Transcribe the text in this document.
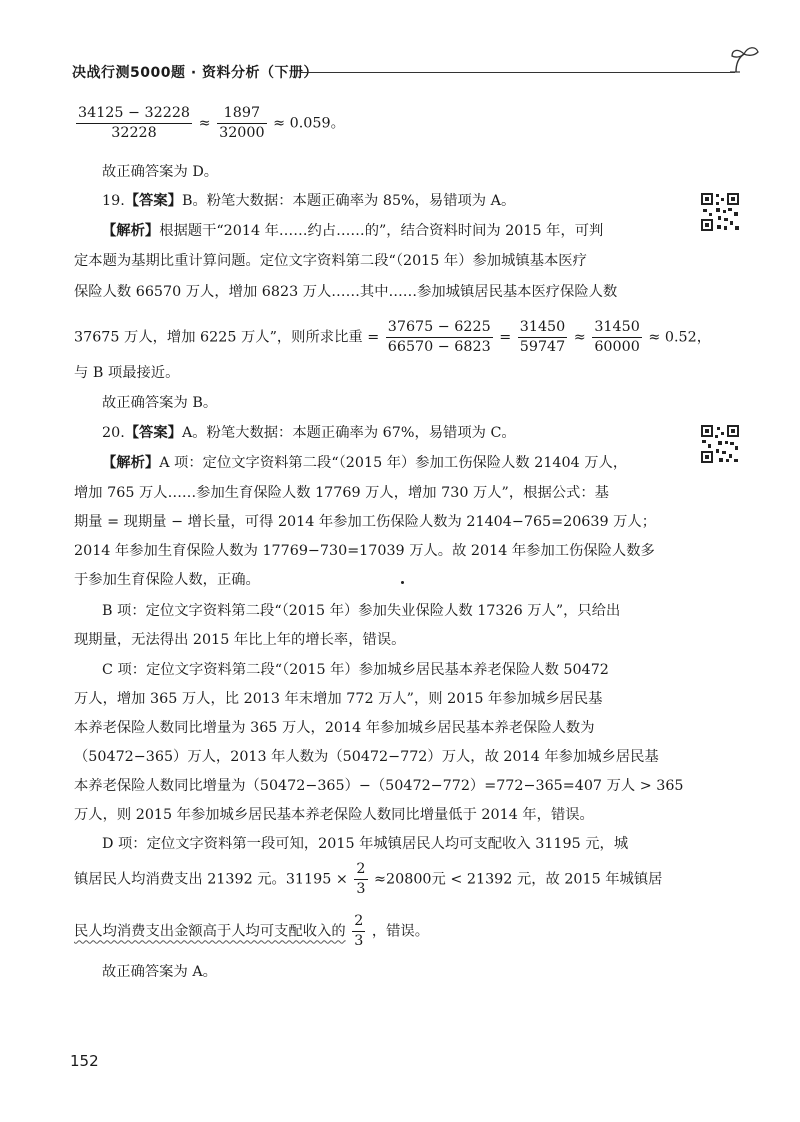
决战行测5000题 · 资料分析（下册）
$\frac{34125 - 32228}{32228} \approx \frac{1897}{32000} \approx 0.059$。
故正确答案为 D。
19.【答案】B。粉笔大数据：本题正确率为 85%，易错项为 A。
【解析】根据题干“2014 年……约占……的”，结合资料时间为 2015 年，可判
定本题为基期比重计算问题。定位文字资料第二段“（2015 年）参加城镇基本医疗
保险人数 66570 万人，增加 6823 万人……其中……参加城镇居民基本医疗保险人数
37675 万人，增加 6225 万人”，则所求比重 = $\frac{37675 - 6225}{66570 - 6823} = \frac{31450}{59747} \approx \frac{31450}{60000} \approx 0.52$，
与 B 项最接近。
故正确答案为 B。
20.【答案】A。粉笔大数据：本题正确率为 67%，易错项为 C。
【解析】A 项：定位文字资料第二段“（2015 年）参加工伤保险人数 21404 万人，
增加 765 万人……参加生育保险人数 17769 万人，增加 730 万人”，根据公式：基
期量 = 现期量 − 增长量，可得 2014 年参加工伤保险人数为 21404−765=20639 万人；
2014 年参加生育保险人数为 17769−730=17039 万人。故 2014 年参加工伤保险人数多
于参加生育保险人数，正确。
B 项：定位文字资料第二段“（2015 年）参加失业保险人数 17326 万人”，只给出
现期量，无法得出 2015 年比上年的增长率，错误。
C 项：定位文字资料第二段“（2015 年）参加城乡居民基本养老保险人数 50472
万人，增加 365 万人，比 2013 年末增加 772 万人”，则 2015 年参加城乡居民基
本养老保险人数同比增量为 365 万人，2014 年参加城乡居民基本养老保险人数为
（50472−365）万人，2013 年人数为（50472−772）万人，故 2014 年参加城乡居民基
本养老保险人数同比增量为（50472−365）−（50472−772）=772−365=407 万人 > 365
万人，则 2015 年参加城乡居民基本养老保险人数同比增量低于 2014 年，错误。
D 项：定位文字资料第一段可知，2015 年城镇居民人均可支配收入 31195 元，城
镇居民人均消费支出 21392 元。$31195 \times \frac{2}{3} \approx 20800$元 < 21392 元，故 2015 年城镇居
民人均消费支出金额高于人均可支配收入的 $\frac{2}{3}$ ，错误。
故正确答案为 A。
152
